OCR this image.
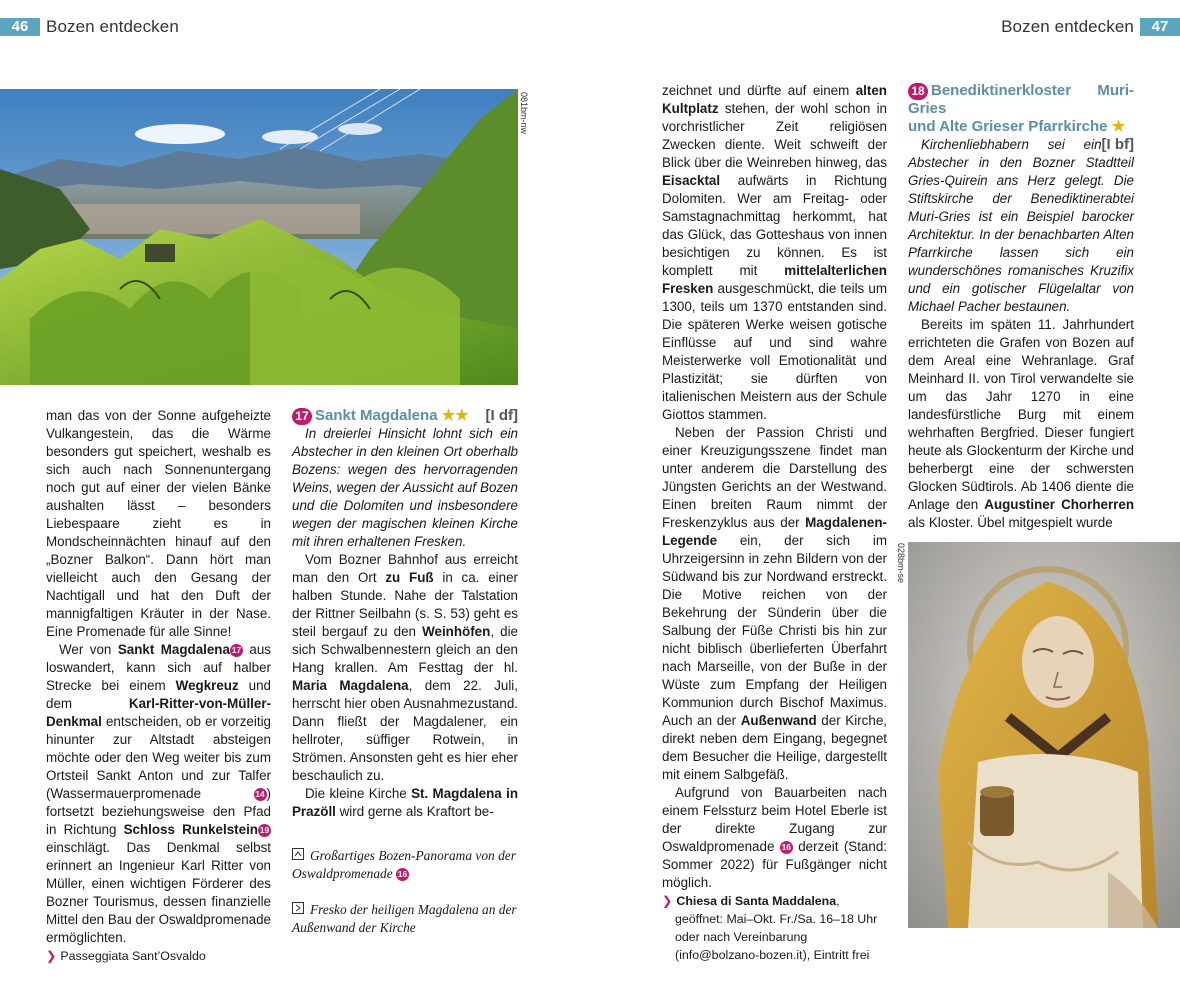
46	Bozen entdecken
081bm-nw

man das von der Sonne aufgeheizte Vulkangestein, das die Wärme besonders gut speichert, weshalb es sich auch nach Sonnenuntergang noch gut auf einer der vielen Bänke aushalten lässt – besonders Liebespaare zieht es in Mondscheinnächten hinauf auf den „Bozner Balkon“. Dann hört man vielleicht auch den Gesang der Nachtigall und hat den Duft der mannigfaltigen Kräuter in der Nase. Eine Promenade für alle Sinne!

Wer von Sankt Magdalena 17 aus loswandert, kann sich auf halber Strecke bei einem Wegkreuz und dem Karl-Ritter-von-Müller-Denkmal entscheiden, ob er vorzeitig hinunter zur Altstadt absteigen möchte oder den Weg weiter bis zum Ortsteil Sankt Anton und zur Talfer (Wassermauerpromenade 14 ) fortsetzt beziehungsweise den Pfad in Richtung Schloss Runkelstein 19 einschlägt. Das Denkmal selbst erinnert an Ingenieur Karl Ritter von Müller, einen wichtigen Förderer des Bozner Tourismus, dessen finanzielle Mittel den Bau der Oswaldpromenade ermöglichten.

❯ Passeggiata Sant’Osvaldo

17 Sankt Magdalena ★★ [I df]

In dreierlei Hinsicht lohnt sich ein Abstecher in den kleinen Ort oberhalb Bozens: wegen des hervorragenden Weins, wegen der Aussicht auf Bozen und die Dolomiten und insbesondere wegen der magischen kleinen Kirche mit ihren erhaltenen Fresken.

Vom Bozner Bahnhof aus erreicht man den Ort zu Fuß in ca. einer halben Stunde. Nahe der Talstation der Rittner Seilbahn (s. S. 53) geht es steil bergauf zu den Weinhöfen, die sich Schwalbennestern gleich an den Hang krallen. Am Festtag der hl. Maria Magdalena, dem 22. Juli, herrscht hier oben Ausnahmezustand. Dann fließt der Magdalener, ein hellroter, süffiger Rotwein, in Strömen. Ansonsten geht es hier eher beschaulich zu.

Die kleine Kirche St. Magdalena in Prazöll wird gerne als Kraftort be-

Großartiges Bozen-Panorama von der Oswaldpromenade 16
Fresko der heiligen Magdalena an der Außenwand der Kirche
Bozen entdecken	47

zeichnet und dürfte auf einem alten Kultplatz stehen, der wohl schon in vorchristlicher Zeit religiösen Zwecken diente. Weit schweift der Blick über die Weinreben hinweg, das Eisacktal aufwärts in Richtung Dolomiten. Wer am Freitag- oder Samstagnachmittag herkommt, hat das Glück, das Gotteshaus von innen besichtigen zu können. Es ist komplett mit mittelalterlichen Fresken ausgeschmückt, die teils um 1300, teils um 1370 entstanden sind. Die späteren Werke weisen gotische Einflüsse auf und sind wahre Meisterwerke voll Emotionalität und Plastizität; sie dürften von italienischen Meistern aus der Schule Giottos stammen.

Neben der Passion Christi und einer Kreuzigungsszene findet man unter anderem die Darstellung des Jüngsten Gerichts an der Westwand. Einen breiten Raum nimmt der Freskenzyklus aus der Magdalenen-Legende ein, der sich im Uhrzeigersinn in zehn Bildern von der Südwand bis zur Nordwand erstreckt. Die Motive reichen von der Bekehrung der Sünderin über die Salbung der Füße Christi bis hin zur nicht biblisch überlieferten Überfahrt nach Marseille, von der Buße in der Wüste zum Empfang der Heiligen Kommunion durch Bischof Maximus. Auch an der Außenwand der Kirche, direkt neben dem Eingang, begegnet dem Besucher die Heilige, dargestellt mit einem Salbgefäß.

Aufgrund von Bauarbeiten nach einem Felssturz beim Hotel Eberle ist der direkte Zugang zur Oswaldpromenade 16 derzeit (Stand: Sommer 2022) für Fußgänger nicht möglich.

❯ Chiesa di Santa Maddalena, geöffnet: Mai–Okt. Fr./Sa. 16–18 Uhr oder nach Vereinbarung (info@bolzano-bozen.it), Eintritt frei

18 Benediktinerkloster Muri-Gries
und Alte Grieser Pfarrkirche ★
[I bf]

Kirchenliebhabern sei ein Abstecher in den Bozner Stadtteil Gries-Quirein ans Herz gelegt. Die Stiftskirche der Benediktinerabtei Muri-Gries ist ein Beispiel barocker Architektur. In der benachbarten Alten Pfarrkirche lassen sich ein wunderschönes romanisches Kruzifix und ein gotischer Flügelaltar von Michael Pacher bestaunen.

Bereits im späten 11. Jahrhundert errichteten die Grafen von Bozen auf dem Areal eine Wehranlage. Graf Meinhard II. von Tirol verwandelte sie um das Jahr 1270 in eine landesfürstliche Burg mit einem wehrhaften Bergfried. Dieser fungiert heute als Glockenturm der Kirche und beherbergt eine der schwersten Glocken Südtirols. Ab 1406 diente die Anlage den Augustiner Chorherren als Kloster. Übel mitgespielt wurde

028bm-se
